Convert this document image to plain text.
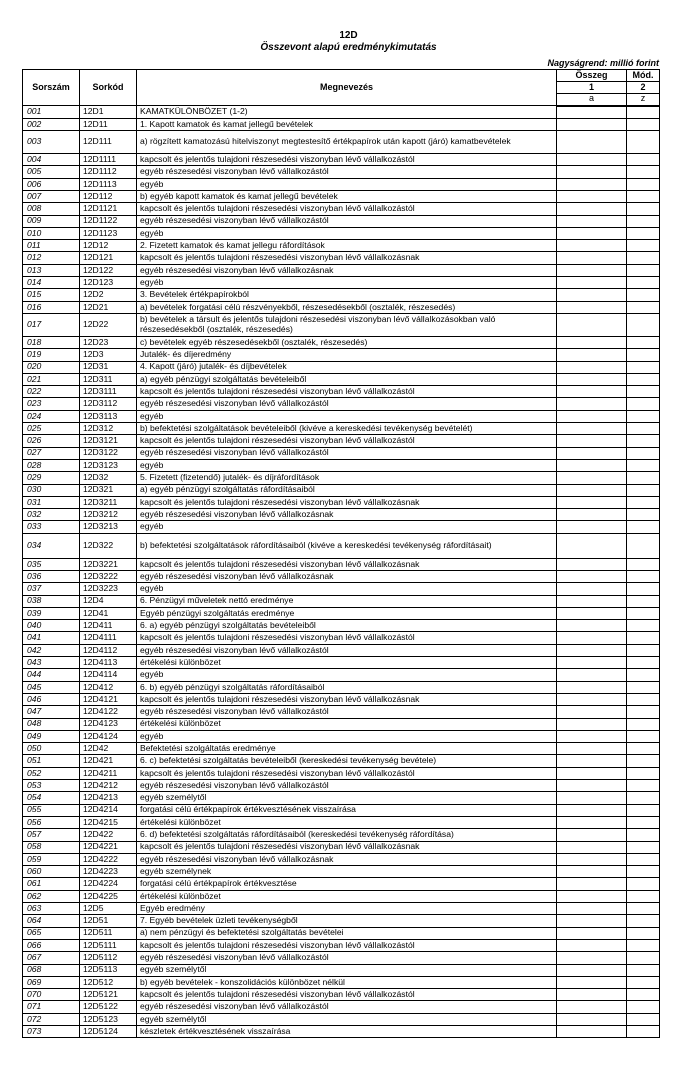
12D
Összevont alapú eredménykimutatás
Nagyságrend: millió forint
Sorszám	Sorkód	Megnevezés	Összeg	Mód.
			1	2
			a	z
001	12D1	KAMATKÜLÖNBÖZET (1-2)		
002	12D11	1. Kapott kamatok és kamat jellegű bevételek		
003	12D111	a) rögzített kamatozású hitelviszonyt megtestesítő értékpapírok után kapott (járó) kamatbevételek		
004	12D1111	kapcsolt és jelentős tulajdoni részesedési viszonyban lévő vállalkozástól		
005	12D1112	egyéb részesedési viszonyban lévő vállalkozástól		
006	12D1113	egyéb		
007	12D112	b) egyéb kapott kamatok és kamat jellegű bevételek		
008	12D1121	kapcsolt és jelentős tulajdoni részesedési viszonyban lévő vállalkozástól		
009	12D1122	egyéb részesedési viszonyban lévő vállalkozástól		
010	12D1123	egyéb		
011	12D12	2. Fizetett kamatok és kamat jellegu ráfordítások		
012	12D121	kapcsolt és jelentős tulajdoni részesedési viszonyban lévő vállalkozásnak		
013	12D122	egyéb részesedési viszonyban lévő vállalkozásnak		
014	12D123	egyéb		
015	12D2	3. Bevételek értékpapírokból		
016	12D21	a) bevételek forgatási célú részvényekből, részesedésekből (osztalék, részesedés)		
017	12D22	b) bevételek a társult és jelentős tulajdoni részesedési viszonyban lévő vállalkozásokban való részesedésekből (osztalék, részesedés)		
018	12D23	c) bevételek egyéb részesedésekből (osztalék, részesedés)		
019	12D3	Jutalék- és díjeredmény		
020	12D31	4. Kapott (járó) jutalék- és díjbevételek		
021	12D311	a) egyéb pénzügyi szolgáltatás bevételeiből		
022	12D3111	kapcsolt és jelentős tulajdoni részesedési viszonyban lévő vállalkozástól		
023	12D3112	egyéb részesedési viszonyban lévő vállalkozástól		
024	12D3113	egyéb		
025	12D312	b) befektetési szolgáltatások bevételeiből (kivéve a kereskedési tevékenység bevételét)		
026	12D3121	kapcsolt és jelentős tulajdoni részesedési viszonyban lévő vállalkozástól		
027	12D3122	egyéb részesedési viszonyban lévő vállalkozástól		
028	12D3123	egyéb		
029	12D32	5. Fizetett (fizetendő) jutalék- és díjráfordítások		
030	12D321	a) egyéb pénzügyi szolgáltatás ráfordításaiból		
031	12D3211	kapcsolt és jelentős tulajdoni részesedési viszonyban lévő vállalkozásnak		
032	12D3212	egyéb részesedési viszonyban lévő vállalkozásnak		
033	12D3213	egyéb		
034	12D322	b) befektetési szolgáltatások ráfordításaiból (kivéve a kereskedési tevékenység ráfordításait)		
035	12D3221	kapcsolt és jelentős tulajdoni részesedési viszonyban lévő vállalkozásnak		
036	12D3222	egyéb részesedési viszonyban lévő vállalkozásnak		
037	12D3223	egyéb		
038	12D4	6. Pénzügyi műveletek nettó eredménye		
039	12D41	Egyéb pénzügyi szolgáltatás eredménye		
040	12D411	6. a) egyéb pénzügyi szolgáltatás bevételeiből		
041	12D4111	kapcsolt és jelentős tulajdoni részesedési viszonyban lévő vállalkozástól		
042	12D4112	egyéb részesedési viszonyban lévő vállalkozástól		
043	12D4113	értékelési különbözet		
044	12D4114	egyéb		
045	12D412	6. b) egyéb pénzügyi szolgáltatás ráfordításaiból		
046	12D4121	kapcsolt és jelentős tulajdoni részesedési viszonyban lévő vállalkozásnak		
047	12D4122	egyéb részesedési viszonyban lévő vállalkozástól		
048	12D4123	értékelési különbözet		
049	12D4124	egyéb		
050	12D42	Befektetési szolgáltatás eredménye		
051	12D421	6. c) befektetési szolgáltatás bevételeiből (kereskedési tevékenység bevétele)		
052	12D4211	kapcsolt és jelentős tulajdoni részesedési viszonyban lévő vállalkozástól		
053	12D4212	egyéb részesedési viszonyban lévő vállalkozástól		
054	12D4213	egyéb személytől		
055	12D4214	forgatási célú értékpapírok értékvesztésének visszaírása		
056	12D4215	értékelési különbözet		
057	12D422	6. d) befektetési szolgáltatás ráfordításaiból (kereskedési tevékenység ráfordítása)		
058	12D4221	kapcsolt és jelentős tulajdoni részesedési viszonyban lévő vállalkozásnak		
059	12D4222	egyéb részesedési viszonyban lévő vállalkozásnak		
060	12D4223	egyéb személynek		
061	12D4224	forgatási célú értékpapírok értékvesztése		
062	12D4225	értékelési különbözet		
063	12D5	Egyéb eredmény		
064	12D51	7. Egyéb bevételek üzleti tevékenységből		
065	12D511	a) nem pénzügyi és befektetési szolgáltatás bevételei		
066	12D5111	kapcsolt és jelentős tulajdoni részesedési viszonyban lévő vállalkozástól		
067	12D5112	egyéb részesedési viszonyban lévő vállalkozástól		
068	12D5113	egyéb személytől		
069	12D512	b) egyéb bevételek - konszolidációs különbözet nélkül		
070	12D5121	kapcsolt és jelentős tulajdoni részesedési viszonyban lévő vállalkozástól		
071	12D5122	egyéb részesedési viszonyban lévő vállalkozástól		
072	12D5123	egyéb személytől		
073	12D5124	készletek értékvesztésének visszaírása		
